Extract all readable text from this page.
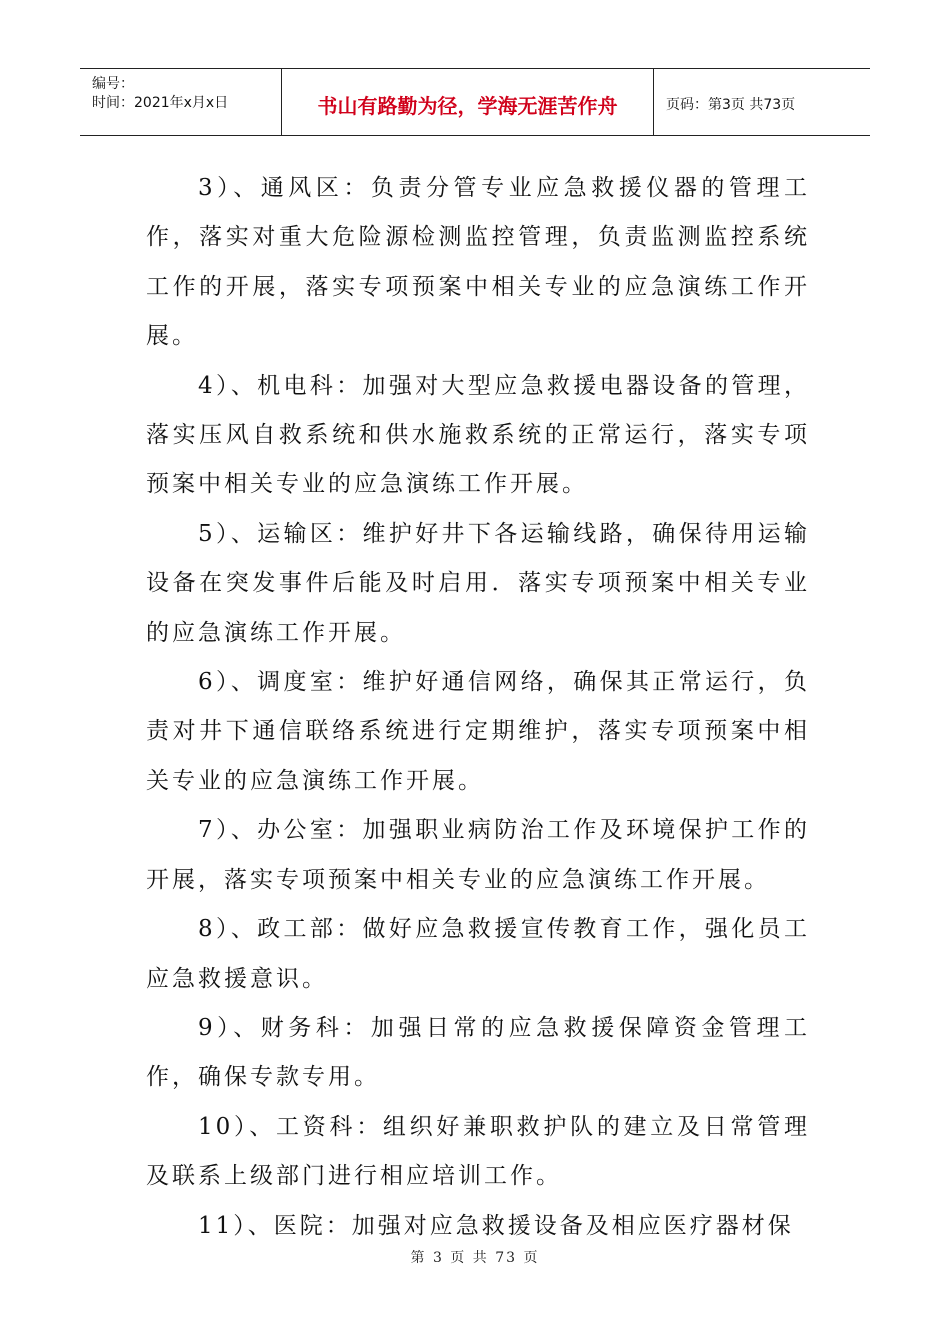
编号：
时间：2021年x月x日	书山有路勤为径，学海无涯苦作舟	页码：第3页 共73页

3）、通风区：负责分管专业应急救援仪器的管理工作，落实对重大危险源检测监控管理，负责监测监控系统工作的开展，落实专项预案中相关专业的应急演练工作开展。

4）、机电科：加强对大型应急救援电器设备的管理，落实压风自救系统和供水施救系统的正常运行，落实专项预案中相关专业的应急演练工作开展。

5）、运输区：维护好井下各运输线路，确保待用运输设备在突发事件后能及时启用．落实专项预案中相关专业的应急演练工作开展。

6）、调度室：维护好通信网络，确保其正常运行，负责对井下通信联络系统进行定期维护，落实专项预案中相关专业的应急演练工作开展。

7）、办公室：加强职业病防治工作及环境保护工作的开展，落实专项预案中相关专业的应急演练工作开展。

8）、政工部：做好应急救援宣传教育工作，强化员工应急救援意识。

9）、财务科：加强日常的应急救援保障资金管理工作，确保专款专用。

10）、工资科：组织好兼职救护队的建立及日常管理及联系上级部门进行相应培训工作。

11）、医院：加强对应急救援设备及相应医疗器材保

第 3 页 共 73 页
